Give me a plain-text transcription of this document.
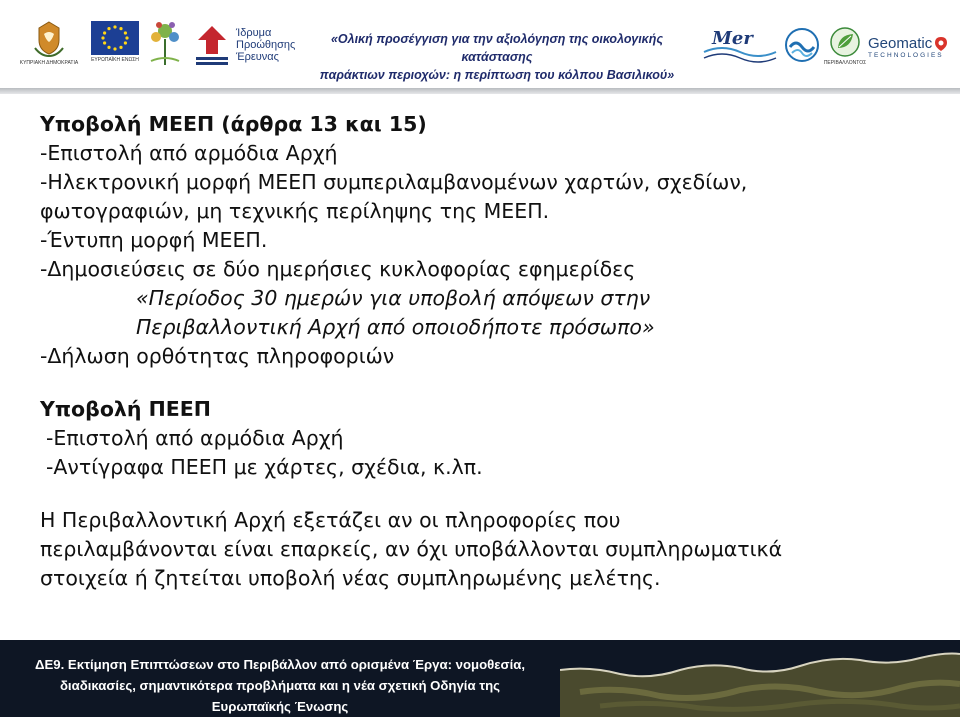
ΚΥΠΡΙΑΚΗ ΔΗΜΟΚΡΑΤΙΑ	ΕΥΡΩΠΑΪΚΗ ΕΝΩΣΗ
Ίδρυμα
Προώθησης
Έρευνας
«Ολική προσέγγιση για την αξιολόγηση της οικολογικής κατάστασης
παράκτιων περιοχών: η περίπτωση του κόλπου Βασιλικού»
Mer
ΠΕΡΙΒΑΛΛΟΝΤΟΣ
Geomatic
TECHNOLOGIES

Υποβολή ΜΕΕΠ (άρθρα 13 και 15)

-Επιστολή από αρμόδια Αρχή

-Ηλεκτρονική μορφή ΜΕΕΠ συμπεριλαμβανομένων χαρτών, σχεδίων,

φωτογραφιών, μη τεχνικής περίληψης της ΜΕΕΠ.

-Έντυπη μορφή ΜΕΕΠ.

-Δημοσιεύσεις σε δύο ημερήσιες κυκλοφορίας εφημερίδες

«Περίοδος 30 ημερών για υποβολή απόψεων στην

Περιβαλλοντική Αρχή από οποιοδήποτε πρόσωπο»

-Δήλωση ορθότητας πληροφοριών

Υποβολή ΠΕΕΠ

-Επιστολή από αρμόδια Αρχή

-Αντίγραφα ΠΕΕΠ με χάρτες, σχέδια, κ.λπ.

Η Περιβαλλοντική Αρχή εξετάζει αν οι πληροφορίες που

περιλαμβάνονται είναι επαρκείς, αν όχι υποβάλλονται συμπληρωματικά

στοιχεία ή ζητείται υποβολή νέας συμπληρωμένης μελέτης.

ΔΕ9. Εκτίμηση Επιπτώσεων στο Περιβάλλον από ορισμένα Έργα: νομοθεσία,
διαδικασίες, σημαντικότερα προβλήματα και η νέα σχετική Οδηγία της
Ευρωπαϊκής Ένωσης
